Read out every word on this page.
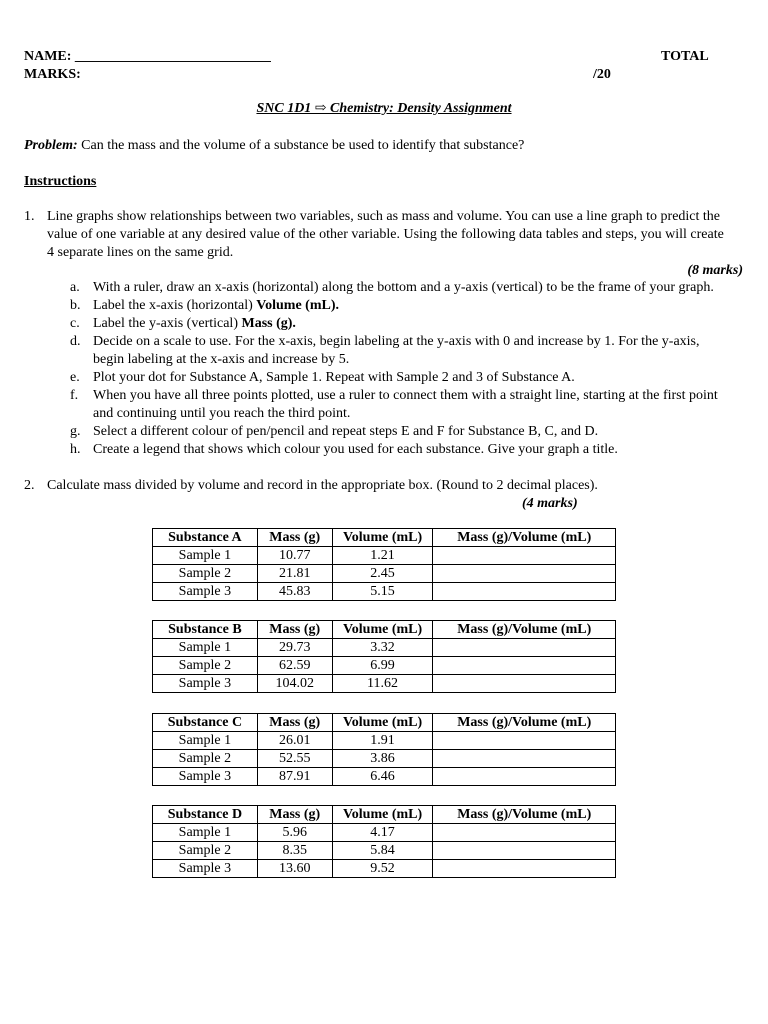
NAME: ____________________________	TOTAL
MARKS:	/20
SNC 1D1 ⇨ Chemistry: Density Assignment
Problem: Can the mass and the volume of a substance be used to identify that substance?
Instructions
1. Line graphs show relationships between two variables, such as mass and volume. You can use a line graph to predict the value of one variable at any desired value of the other variable. Using the following data tables and steps, you will create 4 separate lines on the same grid.
(8 marks)
a. With a ruler, draw an x-axis (horizontal) along the bottom and a y-axis (vertical) to be the frame of your graph.
b. Label the x-axis (horizontal) Volume (mL).
c. Label the y-axis (vertical) Mass (g).
d. Decide on a scale to use. For the x-axis, begin labeling at the y-axis with 0 and increase by 1. For the y-axis, begin labeling at the x-axis and increase by 5.
e. Plot your dot for Substance A, Sample 1. Repeat with Sample 2 and 3 of Substance A.
f. When you have all three points plotted, use a ruler to connect them with a straight line, starting at the first point and continuing until you reach the third point.
g. Select a different colour of pen/pencil and repeat steps E and F for Substance B, C, and D.
h. Create a legend that shows which colour you used for each substance. Give your graph a title.
2. Calculate mass divided by volume and record in the appropriate box. (Round to 2 decimal places).
(4 marks)
Substance A	Mass (g)	Volume (mL)	Mass (g)/Volume (mL)
Sample 1	10.77	1.21	
Sample 2	21.81	2.45	
Sample 3	45.83	5.15	
Substance B	Mass (g)	Volume (mL)	Mass (g)/Volume (mL)
Sample 1	29.73	3.32	
Sample 2	62.59	6.99	
Sample 3	104.02	11.62	
Substance C	Mass (g)	Volume (mL)	Mass (g)/Volume (mL)
Sample 1	26.01	1.91	
Sample 2	52.55	3.86	
Sample 3	87.91	6.46	
Substance D	Mass (g)	Volume (mL)	Mass (g)/Volume (mL)
Sample 1	5.96	4.17	
Sample 2	8.35	5.84	
Sample 3	13.60	9.52	
